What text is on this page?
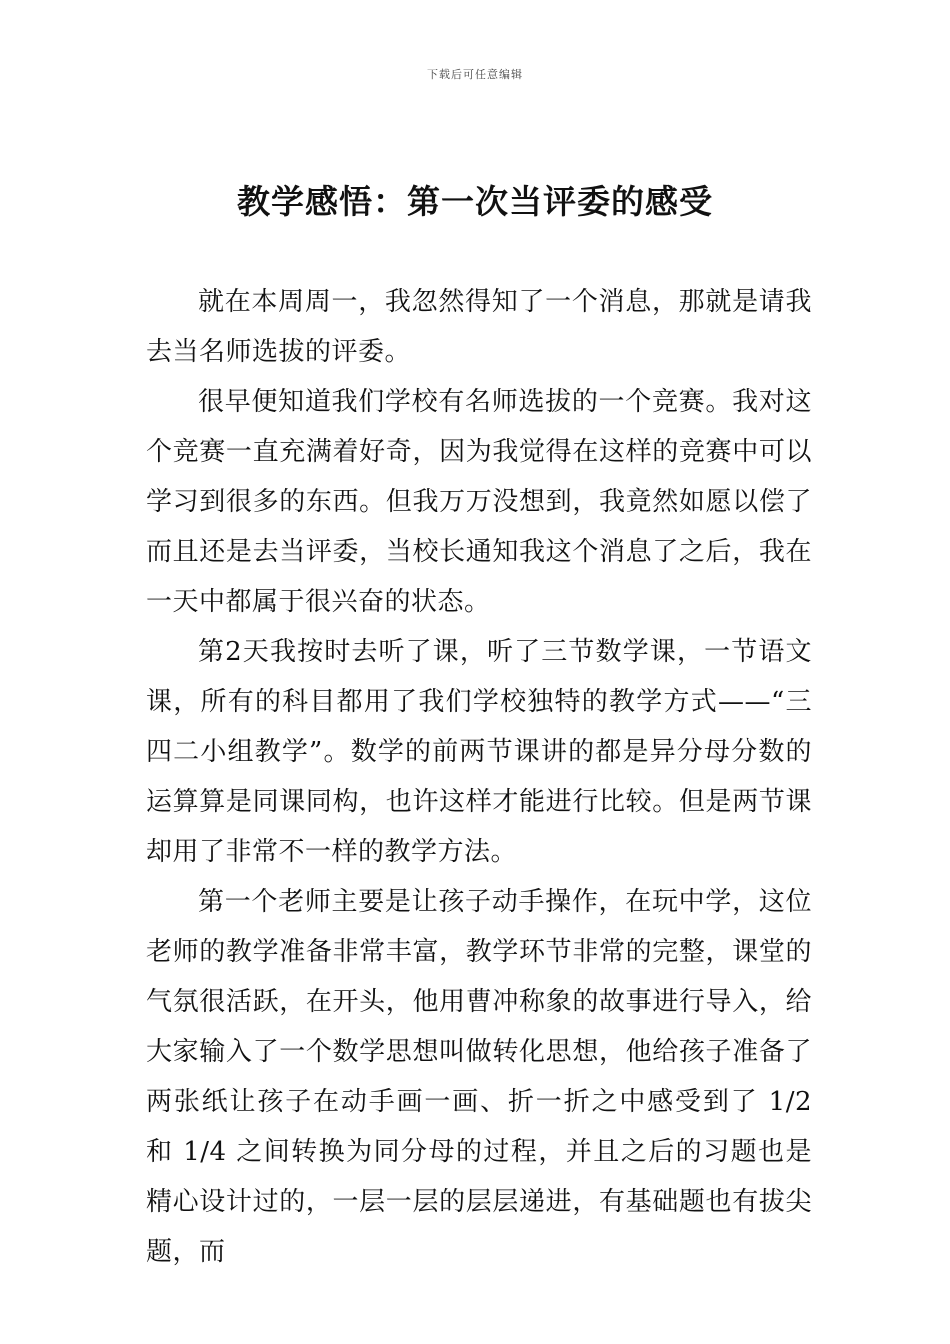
下载后可任意编辑
教学感悟：第一次当评委的感受

就在本周周一，我忽然得知了一个消息，那就是请我去当名师选拔的评委。

很早便知道我们学校有名师选拔的一个竞赛。我对这个竞赛一直充满着好奇，因为我觉得在这样的竞赛中可以学习到很多的东西。但我万万没想到，我竟然如愿以偿了而且还是去当评委，当校长通知我这个消息了之后，我在一天中都属于很兴奋的状态。

第2天我按时去听了课，听了三节数学课，一节语文课，所有的科目都用了我们学校独特的教学方式——“三四二小组教学”。数学的前两节课讲的都是异分母分数的运算算是同课同构，也许这样才能进行比较。但是两节课却用了非常不一样的教学方法。

第一个老师主要是让孩子动手操作，在玩中学，这位老师的教学准备非常丰富，教学环节非常的完整，课堂的气氛很活跃，在开头，他用曹冲称象的故事进行导入，给大家输入了一个数学思想叫做转化思想，他给孩子准备了两张纸让孩子在动手画一画、折一折之中感受到了 1/2 和 1/4 之间转换为同分母的过程，并且之后的习题也是精心设计过的，一层一层的层层递进，有基础题也有拔尖题，而
